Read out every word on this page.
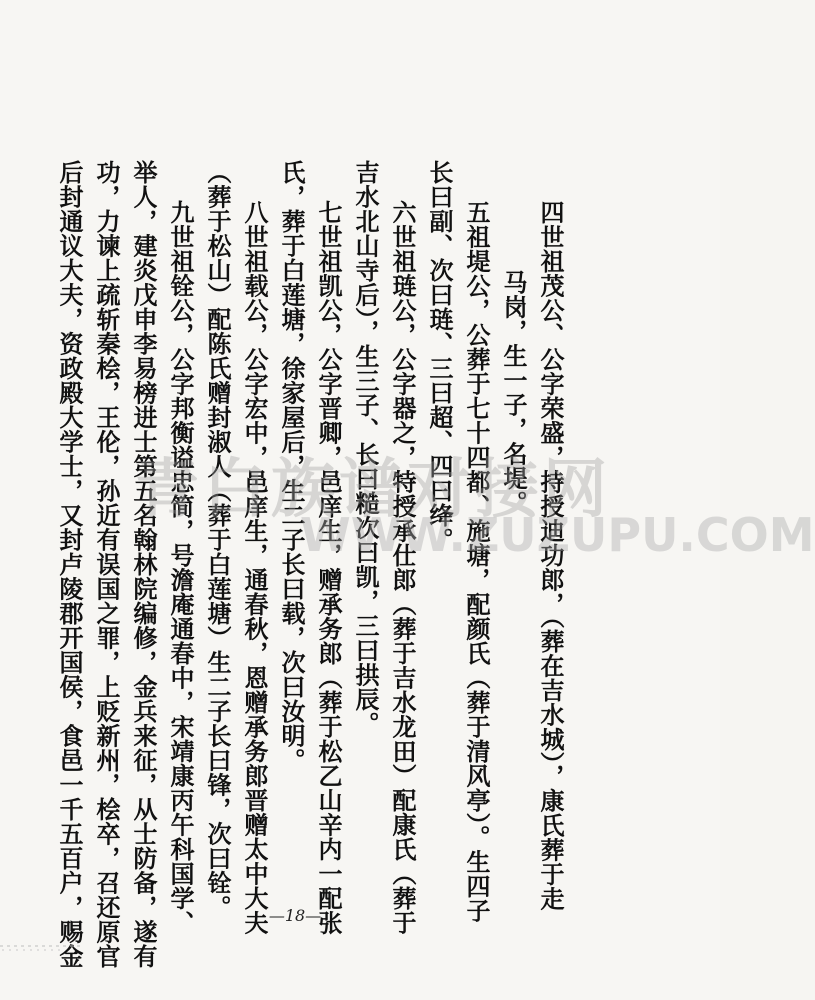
四世祖茂公、公字荣盛，持授迪功郎，（葬在吉水城），康氏葬于走
马岗，生一子，名堤。
五祖堤公，公葬于七十四都、施塘，配颜氏（葬于清风亭）。生四子
长曰副、次曰琏、三曰超、四曰绛。
六世祖琏公，公字器之，特授承仕郎（葬于吉水龙田）配康氏（葬于
吉水北山寺后），生三子、长曰糙次曰凯，三曰拱辰。
七世祖凯公，公字晋卿，邑庠生，赠承务郎（葬于松乙山辛内一配张
氏，葬于白莲塘，徐家屋后，生二子长曰载，次曰汝明。
八世祖载公，公字宏中，邑庠生，通春秋，恩赠承务郎晋赠太中大夫
（葬于松山）配陈氏赠封淑人（葬于白莲塘）生二子长曰锋，次曰铨。
九世祖铨公，公字邦衡谥忠简，号澹庵通春中，宋靖康丙午科国学、
举人，建炎戊申李易榜进士第五名翰林院编修，金兵来征，从士防备，遂有
功，力谏上疏斩秦桧，王伦，孙近有误国之罪，上贬新州，桧卒，召还原官
后封通议大夫，资政殿大学士，又封卢陵郡开国侯，食邑一千五百户，赐金 青白族谱对接网
WWW.ZUZUPU.COM
—18—
